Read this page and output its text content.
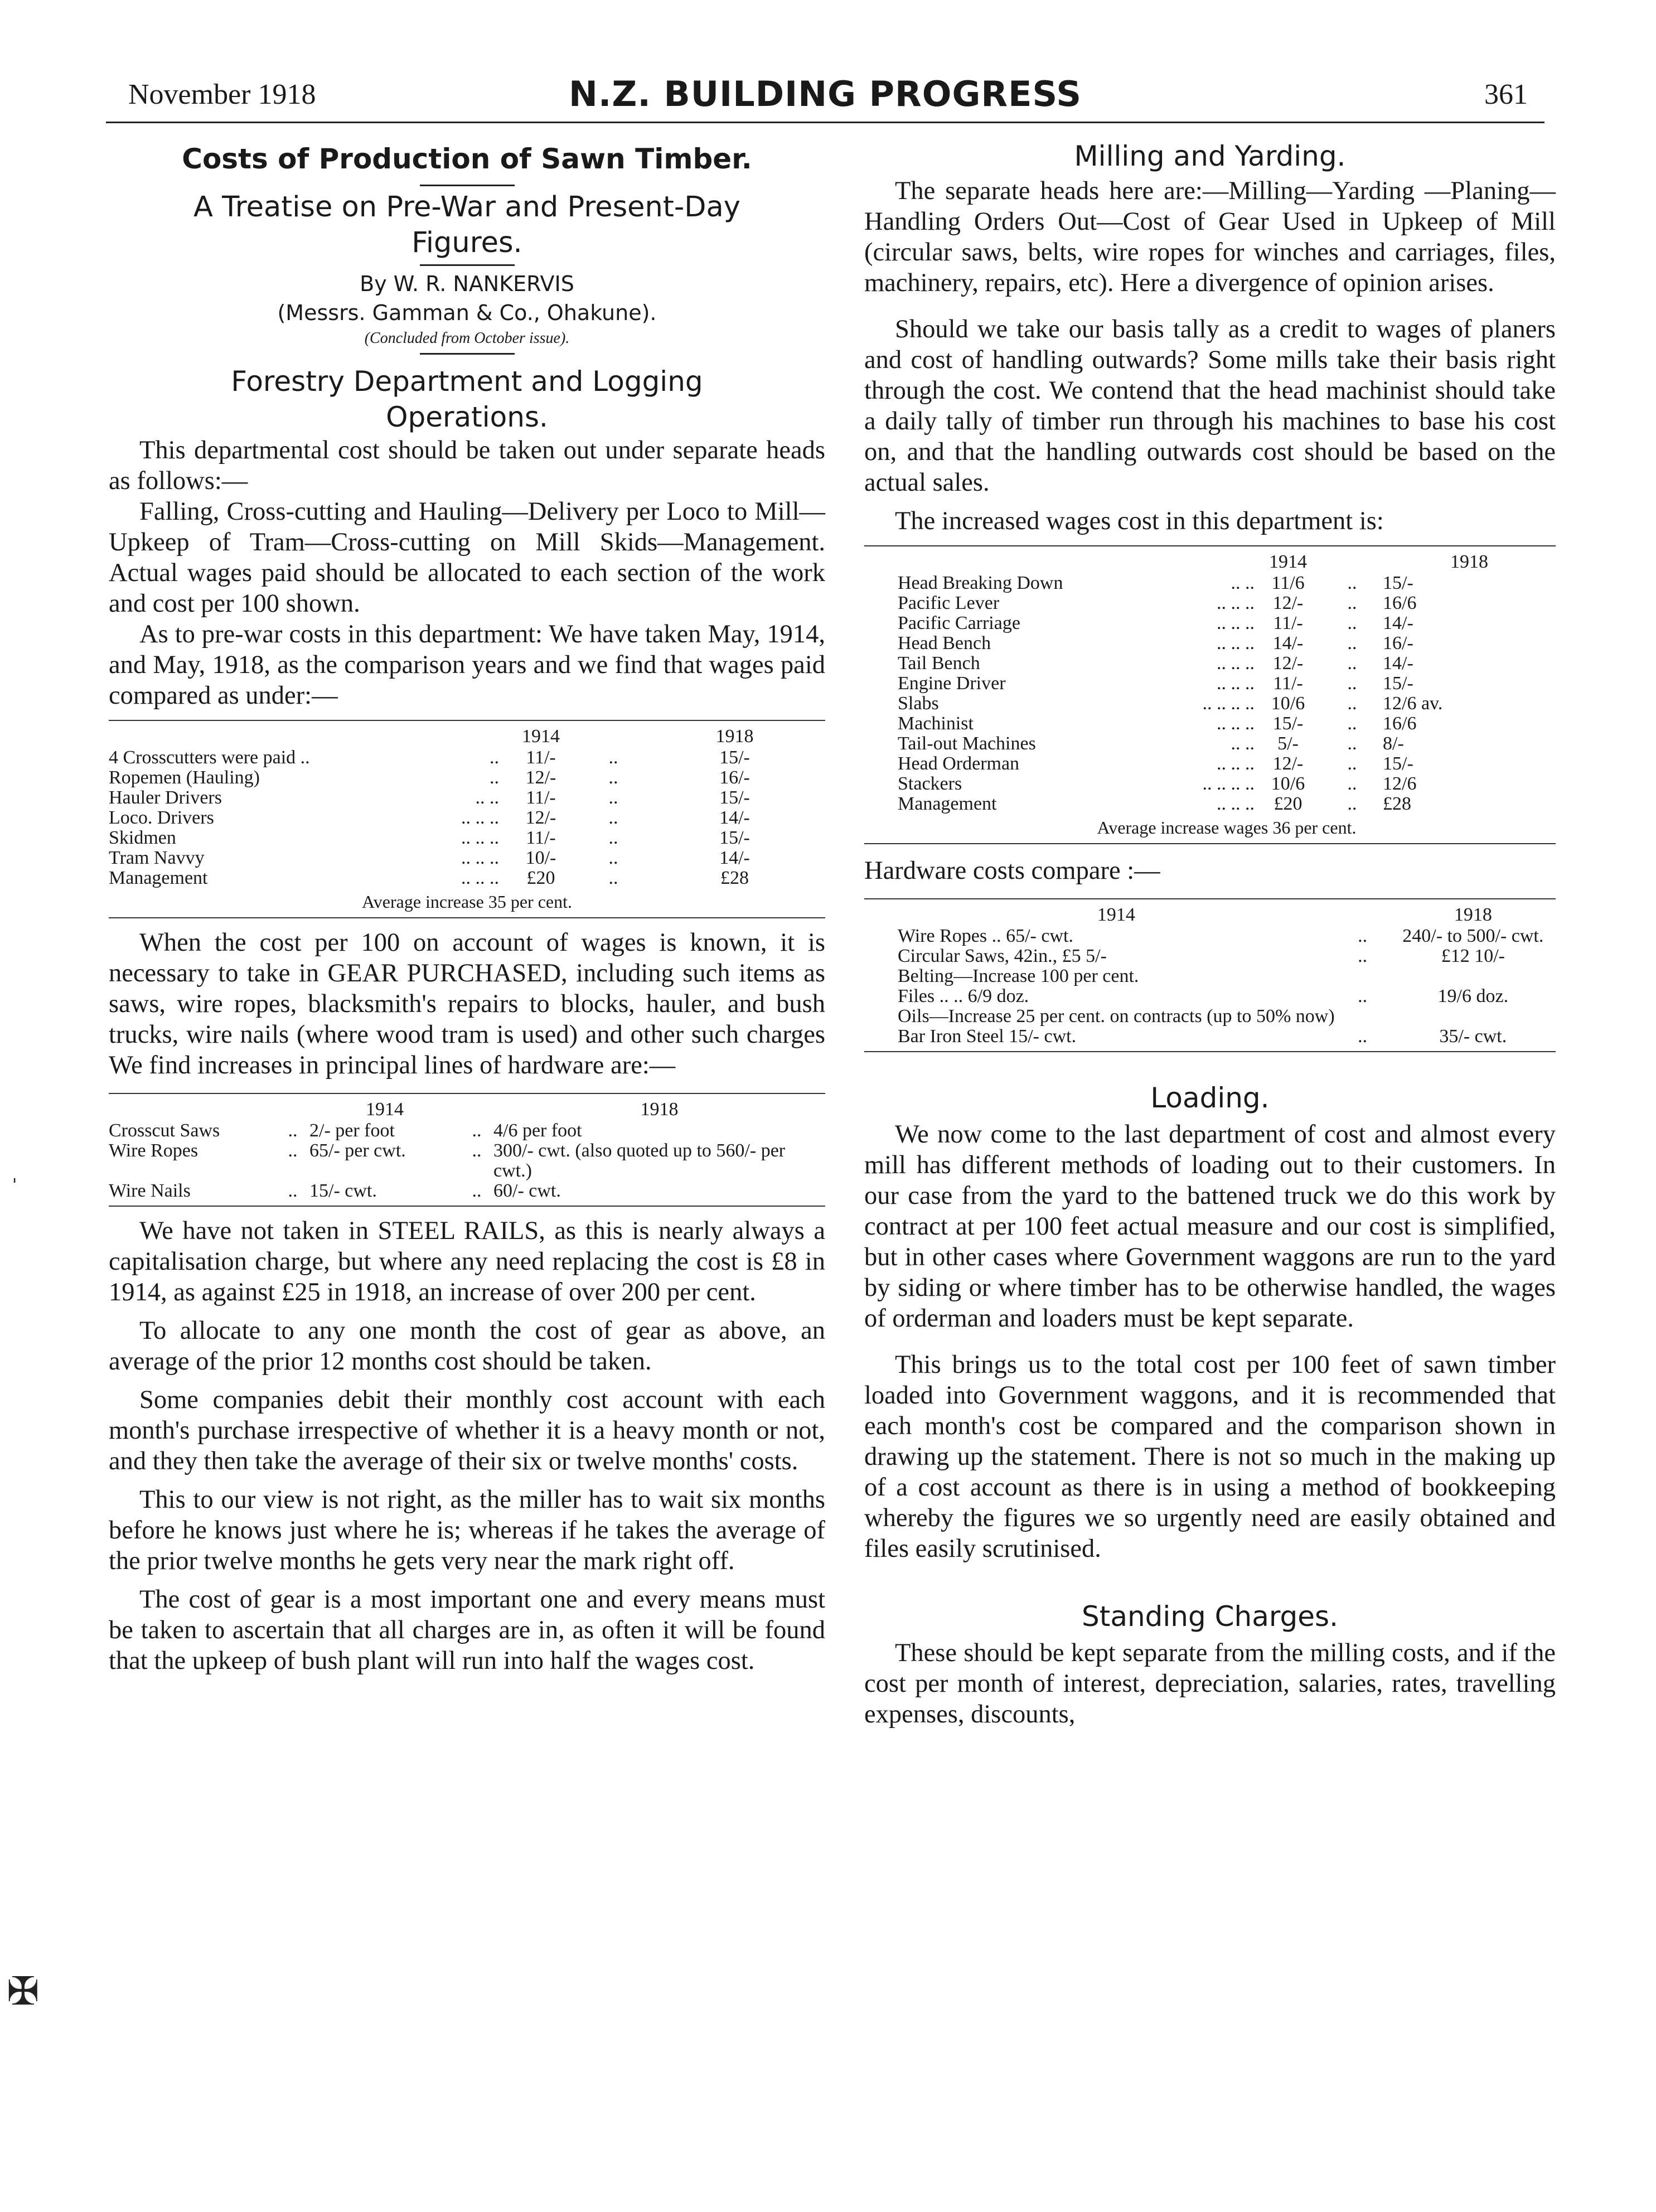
November 1918	N.Z. BUILDING PROGRESS	361
Costs of Production of Sawn Timber.
A Treatise on Pre-War and Present-Day Figures.
By W. R. NANKERVIS
(Messrs. Gamman & Co., Ohakune).
(Concluded from October issue).
Forestry Department and Logging Operations.

This departmental cost should be taken out under separate heads as follows:—

Falling, Cross-cutting and Hauling—Delivery per Loco to Mill—Upkeep of Tram—Cross-cutting on Mill Skids—Management. Actual wages paid should be allocated to each section of the work and cost per 100 shown.

As to pre-war costs in this department: We have taken May, 1914, and May, 1918, as the comparison years and we find that wages paid compared as under:—

		1914		1918
4 Crosscutters were paid ..	..	11/-	..	15/-
Ropemen (Hauling)	..	12/-	..	16/-
Hauler Drivers	.. ..	11/-	..	15/-
Loco. Drivers	.. .. ..	12/-	..	14/-
Skidmen	.. .. ..	11/-	..	15/-
Tram Navvy	.. .. ..	10/-	..	14/-
Management	.. .. ..	£20	..	£28
Average increase 35 per cent.

When the cost per 100 on account of wages is known, it is necessary to take in GEAR PURCHASED, including such items as saws, wire ropes, blacksmith's repairs to blocks, hauler, and bush trucks, wire nails (where wood tram is used) and other such charges We find increases in principal lines of hardware are:—

		1914		1918
Crosscut Saws	..	2/- per foot	..	4/6 per foot
Wire Ropes	..	65/- per cwt.	..	300/- cwt. (also quoted up to 560/- per cwt.)
Wire Nails	..	15/- cwt.	..	60/- cwt.

We have not taken in STEEL RAILS, as this is nearly always a capitalisation charge, but where any need replacing the cost is £8 in 1914, as against £25 in 1918, an increase of over 200 per cent.

To allocate to any one month the cost of gear as above, an average of the prior 12 months cost should be taken.

Some companies debit their monthly cost account with each month's purchase irrespective of whether it is a heavy month or not, and they then take the average of their six or twelve months' costs.

This to our view is not right, as the miller has to wait six months before he knows just where he is; whereas if he takes the average of the prior twelve months he gets very near the mark right off.

The cost of gear is a most important one and every means must be taken to ascertain that all charges are in, as often it will be found that the upkeep of bush plant will run into half the wages cost.

Milling and Yarding.

The separate heads here are:—Milling—Yarding —Planing—Handling Orders Out—Cost of Gear Used in Upkeep of Mill (circular saws, belts, wire ropes for winches and carriages, files, machinery, repairs, etc). Here a divergence of opinion arises.

Should we take our basis tally as a credit to wages of planers and cost of handling outwards? Some mills take their basis right through the cost. We contend that the head machinist should take a daily tally of timber run through his machines to base his cost on, and that the handling outwards cost should be based on the actual sales.

The increased wages cost in this department is:

		1914		1918
Head Breaking Down	.. ..	11/6	..	15/-
Pacific Lever	.. .. ..	12/-	..	16/6
Pacific Carriage	.. .. ..	11/-	..	14/-
Head Bench	.. .. ..	14/-	..	16/-
Tail Bench	.. .. ..	12/-	..	14/-
Engine Driver	.. .. ..	11/-	..	15/-
Slabs	.. .. .. ..	10/6	..	12/6 av.
Machinist	.. .. ..	15/-	..	16/6
Tail-out Machines	.. ..	5/-	..	8/-
Head Orderman	.. .. ..	12/-	..	15/-
Stackers	.. .. .. ..	10/6	..	12/6
Management	.. .. ..	£20	..	£28
Average increase wages 36 per cent.

Hardware costs compare :—

1914		1918
Wire Ropes .. 65/- cwt.	..	240/- to 500/- cwt.
Circular Saws, 42in., £5 5/-	..	£12 10/-
Belting—Increase 100 per cent.		
Files .. .. 6/9 doz.	..	19/6 doz.
Oils—Increase 25 per cent. on contracts (up to 50% now)		
Bar Iron Steel 15/- cwt.	..	35/- cwt.
Loading.

We now come to the last department of cost and almost every mill has different methods of loading out to their customers. In our case from the yard to the battened truck we do this work by contract at per 100 feet actual measure and our cost is simplified, but in other cases where Government waggons are run to the yard by siding or where timber has to be otherwise handled, the wages of orderman and loaders must be kept separate.

This brings us to the total cost per 100 feet of sawn timber loaded into Government waggons, and it is recommended that each month's cost be compared and the comparison shown in drawing up the statement. There is not so much in the making up of a cost account as there is in using a method of bookkeeping whereby the figures we so urgently need are easily obtained and files easily scrutinised.

Standing Charges.

These should be kept separate from the milling costs, and if the cost per month of interest, depreciation, salaries, rates, travelling expenses, discounts,

'
✠
